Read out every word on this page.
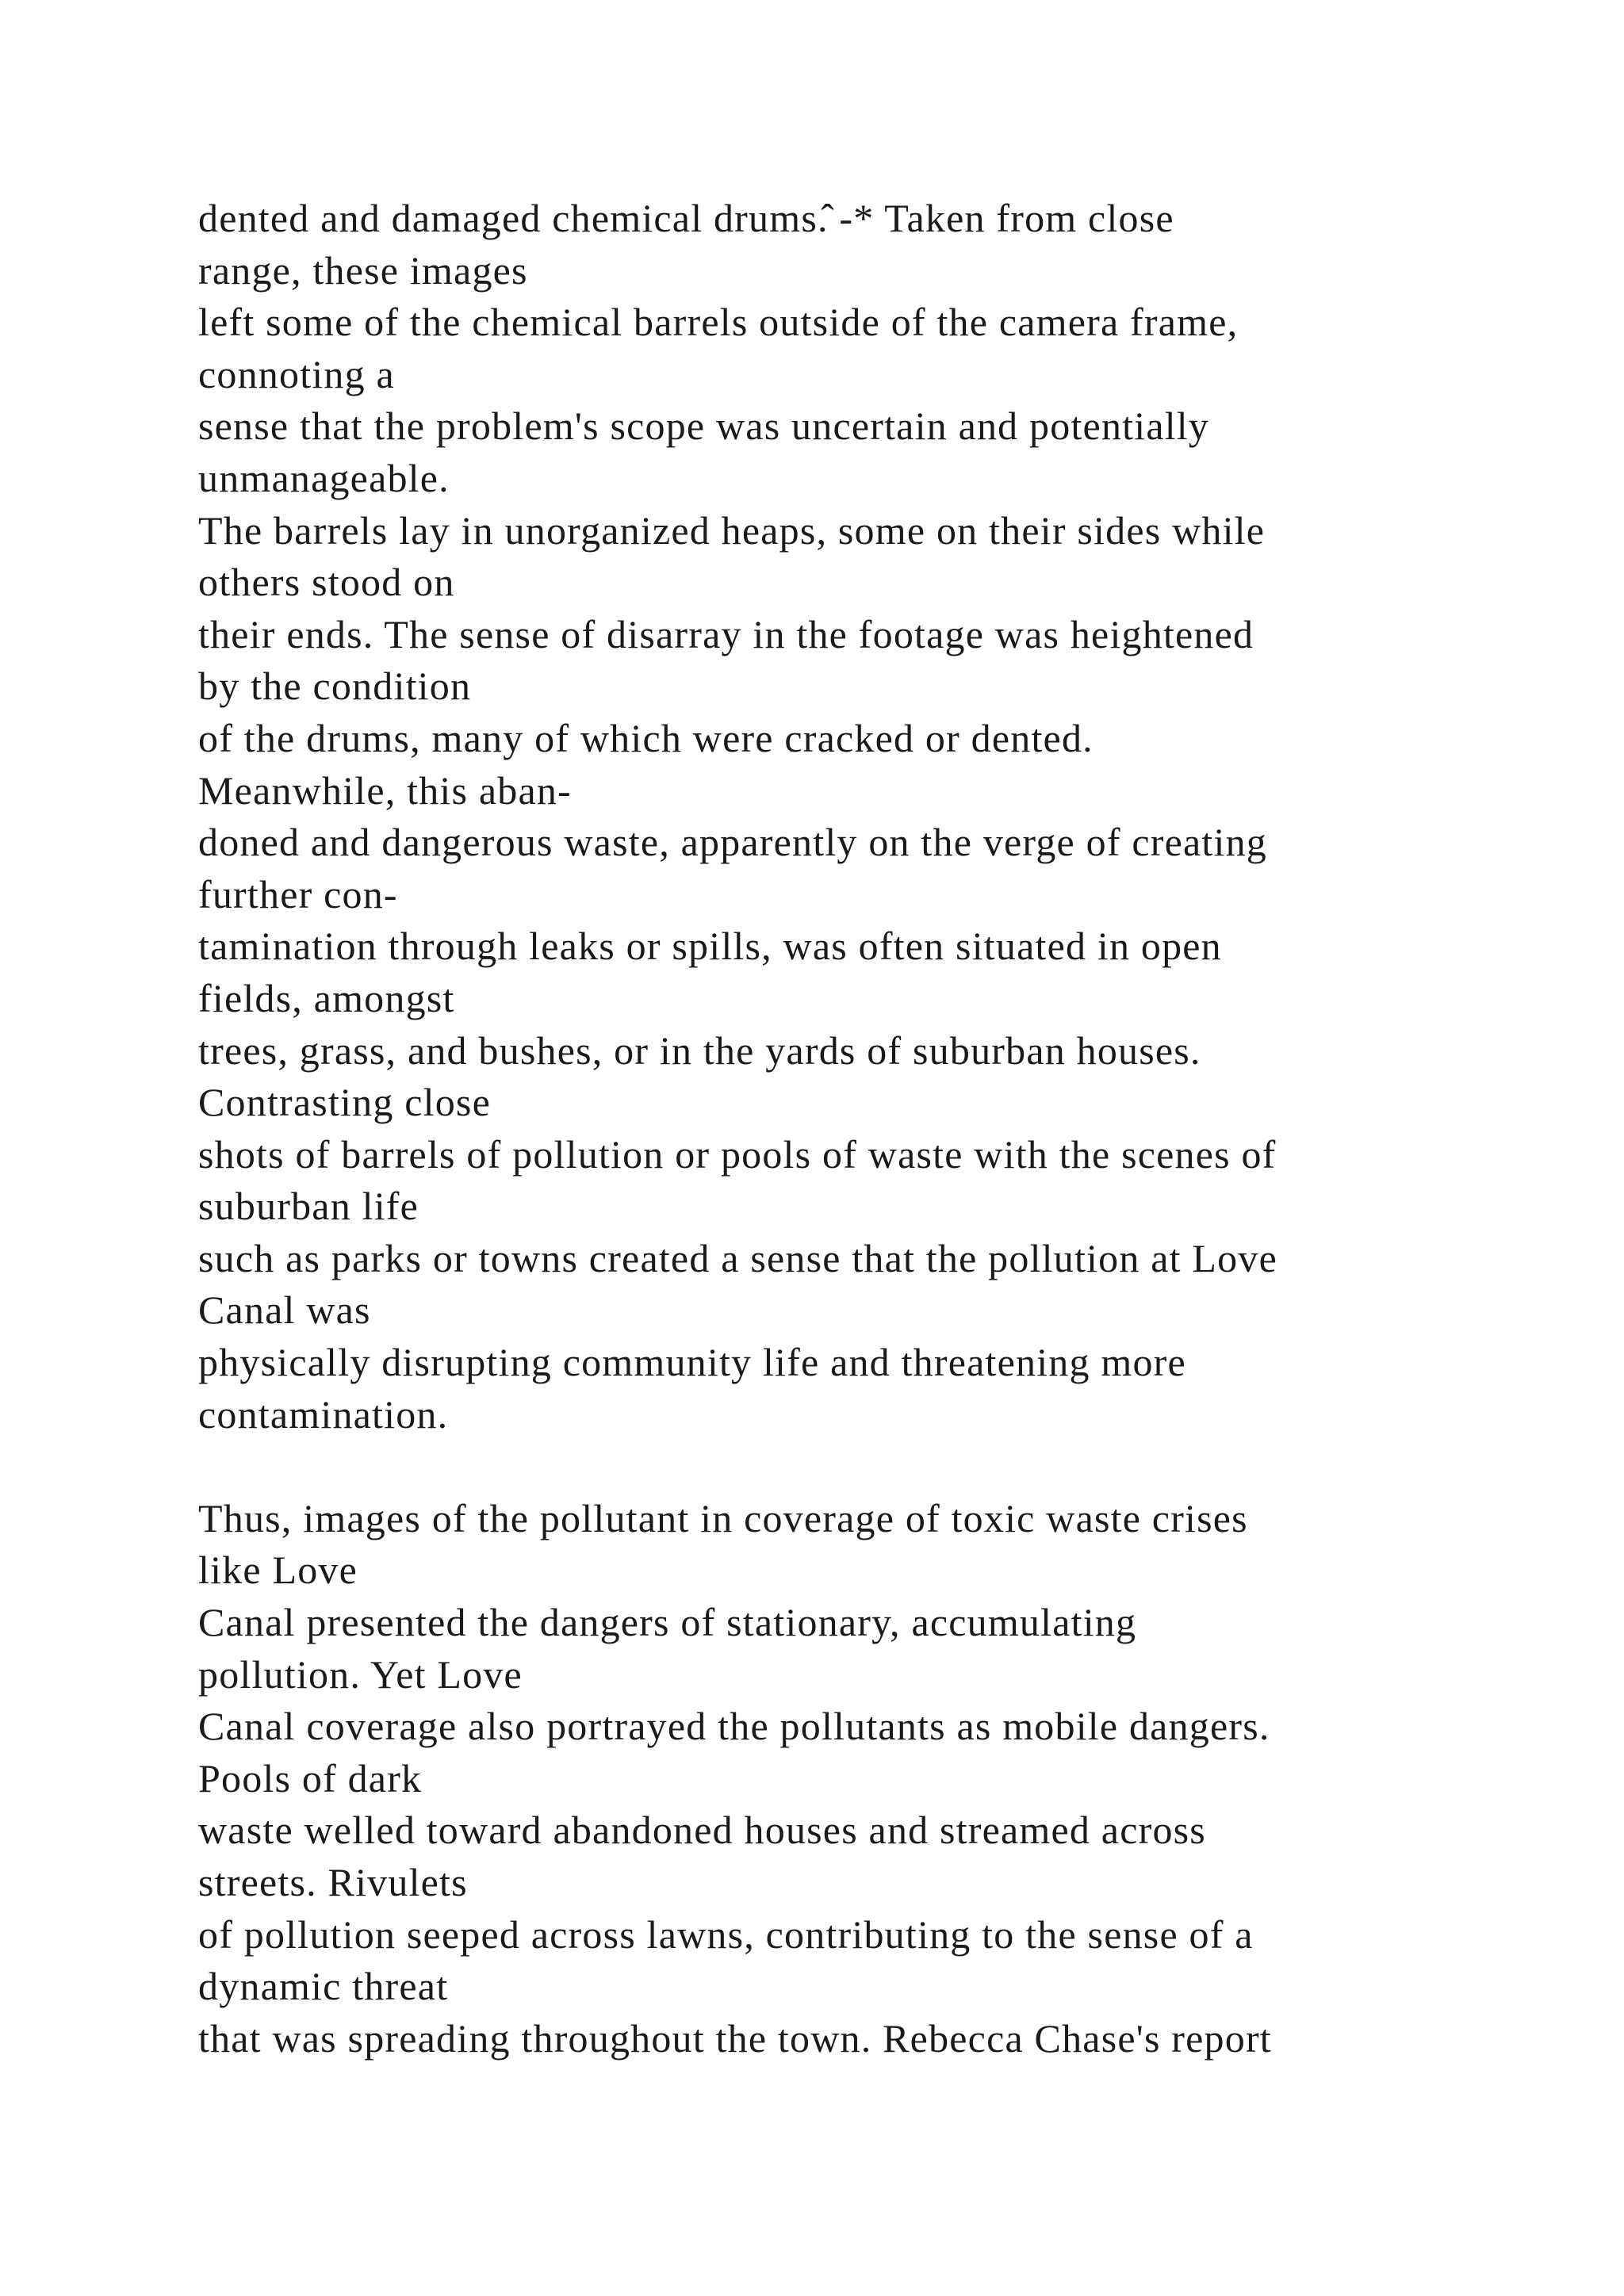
dented and damaged chemical drums.̂ -* Taken from close
range, these images
left some of the chemical barrels outside of the camera frame,
connoting a
sense that the problem's scope was uncertain and potentially
unmanageable.
The barrels lay in unorganized heaps, some on their sides while
others stood on
their ends. The sense of disarray in the footage was heightened
by the condition
of the drums, many of which were cracked or dented.
Meanwhile, this aban-
doned and dangerous waste, apparently on the verge of creating
further con-
tamination through leaks or spills, was often situated in open
fields, amongst
trees, grass, and bushes, or in the yards of suburban houses.
Contrasting close
shots of barrels of pollution or pools of waste with the scenes of
suburban life
such as parks or towns created a sense that the pollution at Love
Canal was
physically disrupting community life and threatening more
contamination.
Thus, images of the pollutant in coverage of toxic waste crises
like Love
Canal presented the dangers of stationary, accumulating
pollution. Yet Love
Canal coverage also portrayed the pollutants as mobile dangers.
Pools of dark
waste welled toward abandoned houses and streamed across
streets. Rivulets
of pollution seeped across lawns, contributing to the sense of a
dynamic threat
that was spreading throughout the town. Rebecca Chase's report
